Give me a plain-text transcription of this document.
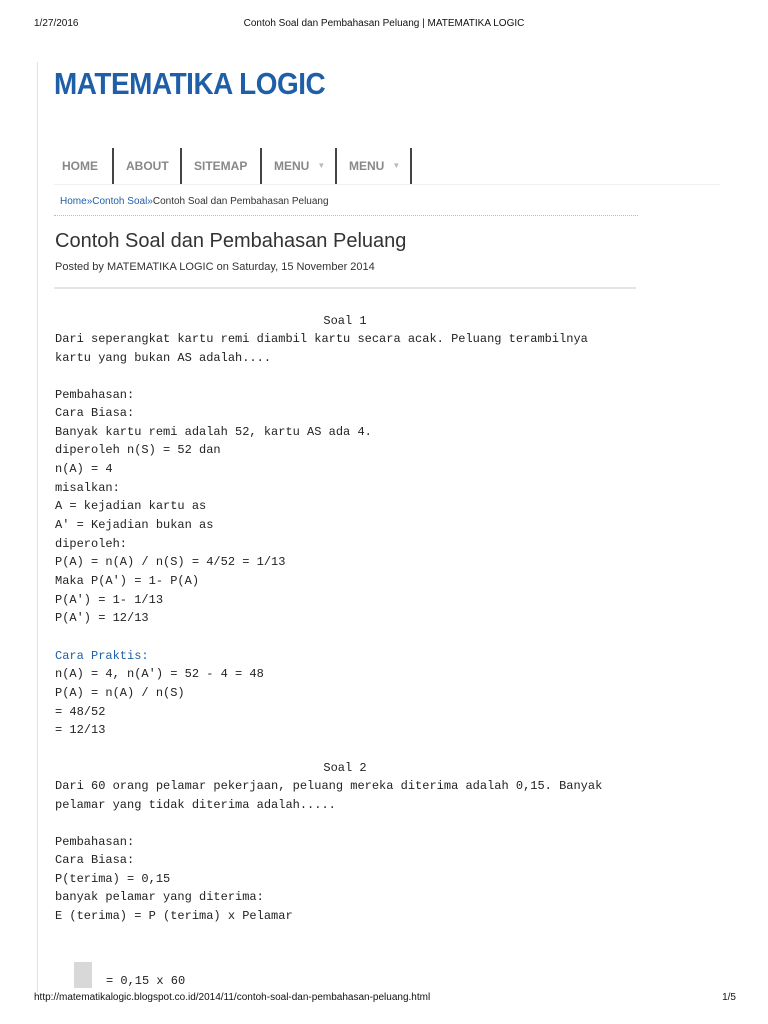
1/27/2016	Contoh Soal dan Pembahasan Peluang | MATEMATIKA LOGIC
MATEMATIKA LOGIC
HOME ABOUT SITEMAP MENU ▼ MENU ▼
Home»Contoh Soal»Contoh Soal dan Pembahasan Peluang
Contoh Soal dan Pembahasan Peluang
Posted by MATEMATIKA LOGIC on Saturday, 15 November 2014
Soal 1
Dari seperangkat kartu remi diambil kartu secara acak. Peluang terambilnya
kartu yang bukan AS adalah....
Pembahasan:
Cara Biasa:
Banyak kartu remi adalah 52, kartu AS ada 4.
diperoleh n(S) = 52 dan
n(A) = 4
misalkan:
A = kejadian kartu as
A' = Kejadian bukan as
diperoleh:
P(A) = n(A) / n(S) = 4/52 = 1/13
Maka P(A') = 1- P(A)
P(A') = 1- 1/13
P(A') = 12/13
Cara Praktis:
n(A) = 4, n(A') = 52 - 4 = 48
P(A) = n(A) / n(S)
= 48/52
= 12/13
Soal 2
Dari 60 orang pelamar pekerjaan, peluang mereka diterima adalah 0,15. Banyak
pelamar yang tidak diterima adalah.....
Pembahasan:
Cara Biasa:
P(terima) = 0,15
banyak pelamar yang diterima:
E (terima) = P (terima) x Pelamar
= 0,15 x 60
http://matematikalogic.blogspot.co.id/2014/11/contoh-soal-dan-pembahasan-peluang.html	1/5
